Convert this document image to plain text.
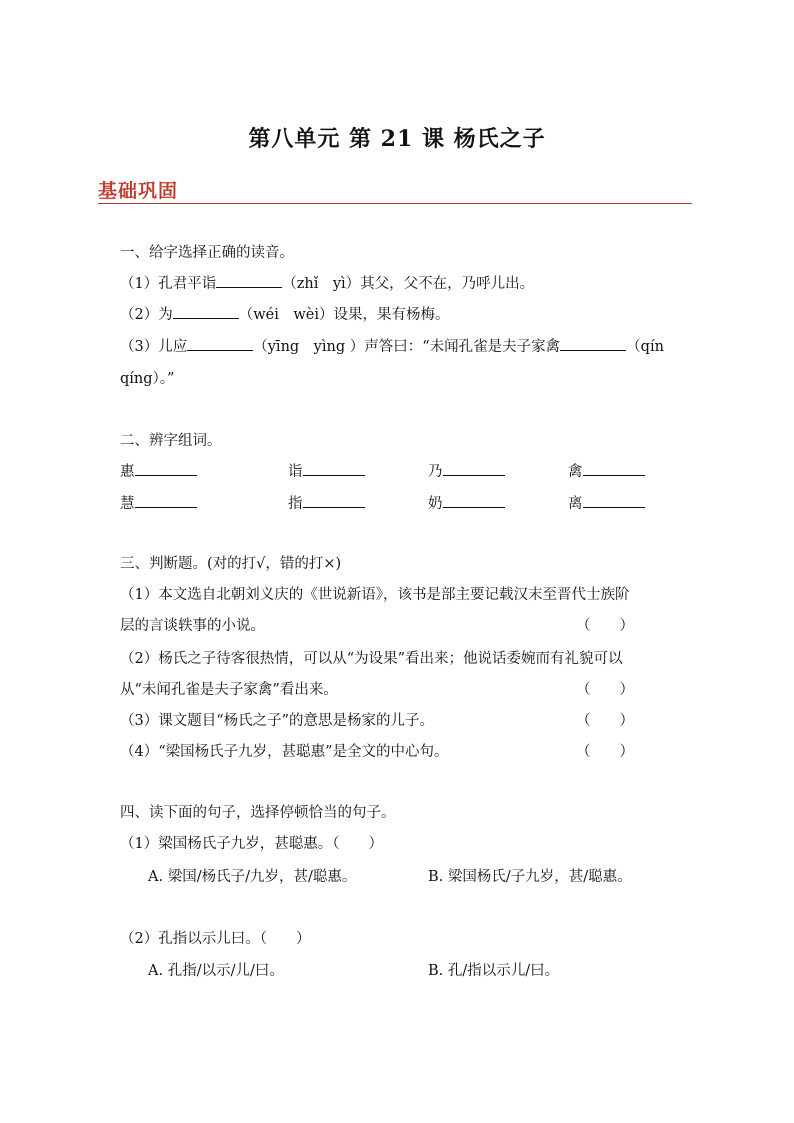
第八单元 第 21 课 杨氏之子
基础巩固
一、给字选择正确的读音。
（1）孔君平诣	（zhǐ　yì）其父，父不在，乃呼儿出。
（2）为	（wéi　wèi）设果，果有杨梅。
（3）儿应	（yīng　yìng ）声答曰：“未闻孔雀是夫子家禽	（qín
qíng）。”
二、辨字组词。
惠	诣	乃	禽
慧	指	奶	离
三、判断题。(对的打√，错的打×)
（1）本文选自北朝刘义庆的《世说新语》，该书是部主要记载汉末至晋代士族阶
层的言谈轶事的小说。	（　　）
（2）杨氏之子待客很热情，可以从“为设果”看出来；他说话委婉而有礼貌可以
从“未闻孔雀是夫子家禽”看出来。	（　　）
（3）课文题目“杨氏之子”的意思是杨家的儿子。	（　　）
（4）“梁国杨氏子九岁，甚聪惠”是全文的中心句。	（　　）
四、读下面的句子，选择停顿恰当的句子。
（1）梁国杨氏子九岁，甚聪惠。（　　）
A. 梁国/杨氏子/九岁，甚/聪惠。	B. 梁国杨氏/子九岁，甚/聪惠。
（2）孔指以示儿曰。（　　）
A. 孔指/以示/儿/曰。	B. 孔/指以示儿/曰。
